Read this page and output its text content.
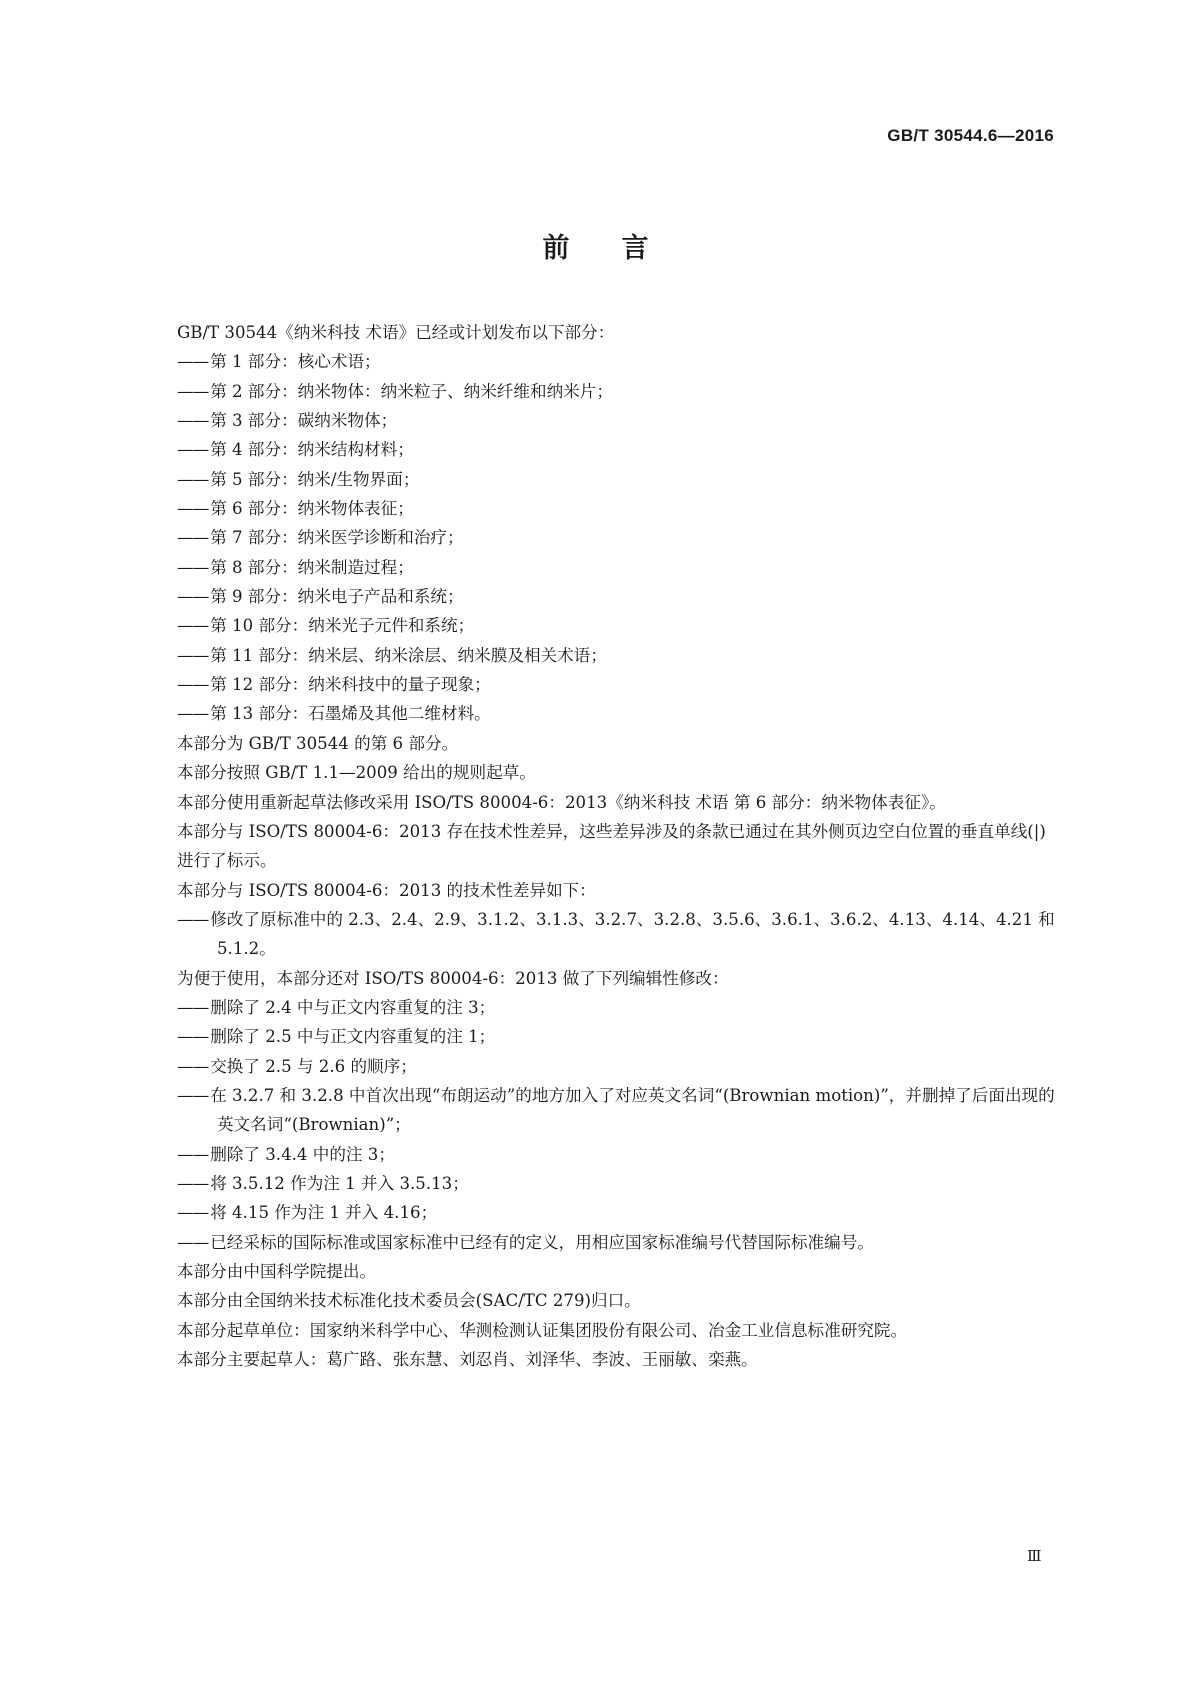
GB/T 30544.6—2016
前 言
GB/T 30544《纳米科技 术语》已经或计划发布以下部分：
—— 第 1 部分：核心术语；
—— 第 2 部分：纳米物体：纳米粒子、纳米纤维和纳米片；
—— 第 3 部分：碳纳米物体；
—— 第 4 部分：纳米结构材料；
—— 第 5 部分：纳米/生物界面；
—— 第 6 部分：纳米物体表征；
—— 第 7 部分：纳米医学诊断和治疗；
—— 第 8 部分：纳米制造过程；
—— 第 9 部分：纳米电子产品和系统；
—— 第 10 部分：纳米光子元件和系统；
—— 第 11 部分：纳米层、纳米涂层、纳米膜及相关术语；
—— 第 12 部分：纳米科技中的量子现象；
—— 第 13 部分：石墨烯及其他二维材料。
本部分为 GB/T 30544 的第 6 部分。
本部分按照 GB/T 1.1—2009 给出的规则起草。
本部分使用重新起草法修改采用 ISO/TS 80004-6：2013《纳米科技 术语 第 6 部分：纳米物体表征》。
本部分与 ISO/TS 80004-6：2013 存在技术性差异，这些差异涉及的条款已通过在其外侧页边空白位置的垂直单线(|)进行了标示。
本部分与 ISO/TS 80004-6：2013 的技术性差异如下：
—— 修改了原标准中的 2.3、2.4、2.9、3.1.2、3.1.3、3.2.7、3.2.8、3.5.6、3.6.1、3.6.2、4.13、4.14、4.21 和 5.1.2。
为便于使用，本部分还对 ISO/TS 80004-6：2013 做了下列编辑性修改：
—— 删除了 2.4 中与正文内容重复的注 3；
—— 删除了 2.5 中与正文内容重复的注 1；
—— 交换了 2.5 与 2.6 的顺序；
—— 在 3.2.7 和 3.2.8 中首次出现“布朗运动”的地方加入了对应英文名词“(Brownian motion)”，并删掉了后面出现的英文名词“(Brownian)”；
—— 删除了 3.4.4 中的注 3；
—— 将 3.5.12 作为注 1 并入 3.5.13；
—— 将 4.15 作为注 1 并入 4.16；
—— 已经采标的国际标准或国家标准中已经有的定义，用相应国家标准编号代替国际标准编号。
本部分由中国科学院提出。
本部分由全国纳米技术标准化技术委员会(SAC/TC 279)归口。
本部分起草单位：国家纳米科学中心、华测检测认证集团股份有限公司、冶金工业信息标准研究院。
本部分主要起草人：葛广路、张东慧、刘忍肖、刘泽华、李波、王丽敏、栾燕。
Ⅲ
